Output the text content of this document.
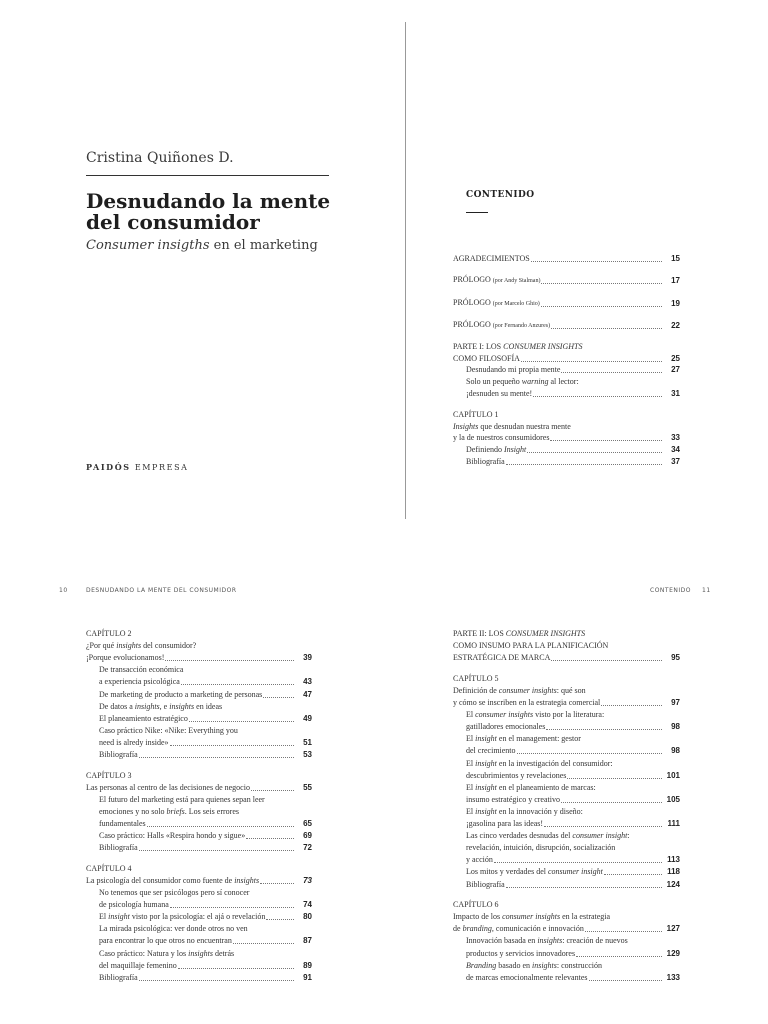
Cristina Quiñones D.
Desnudando la mente
del consumidor
Consumer insigths en el marketing
PAIDÓS EMPRESA
CONTENIDO
AGRADECIMIENTOS	15
PRÓLOGO (por Andy Stalman)	17
PRÓLOGO (por Marcelo Ghio)	19
PRÓLOGO (por Fernando Anzures)	22
PARTE I: LOS CONSUMER INSIGHTS
COMO FILOSOFÍA	25
Desnudando mi propia mente	27
Solo un pequeño warning al lector:
¡desnuden su mente!	31
CAPÍTULO 1
Insights que desnudan nuestra mente
y la de nuestros consumidores	33
Definiendo Insight	34
Bibliografía	37
10	DESNUDANDO LA MENTE DEL CONSUMIDOR	CONTENIDO 11
CAPÍTULO 2
¿Por qué insights del consumidor?
¡Porque evolucionamos!	39
De transacción económica
a experiencia psicológica	43
De marketing de producto a marketing de personas	47
De datos a insights, e insights en ideas
El planeamiento estratégico	49
Caso práctico Nike: «Nike: Everything you
need is alredy inside»	51
Bibliografía	53
CAPÍTULO 3
Las personas al centro de las decisiones de negocio	55
El futuro del marketing está para quienes sepan leer
emociones y no solo briefs. Los seis errores
fundamentales	65
Caso práctico: Halls «Respira hondo y sigue»	69
Bibliografía	72
CAPÍTULO 4
La psicología del consumidor como fuente de insights	73
No tenemos que ser psicólogos pero sí conocer
de psicología humana	74
El insight visto por la psicología: el ajá o revelación	80
La mirada psicológica: ver donde otros no ven
para encontrar lo que otros no encuentran	87
Caso práctico: Natura y los insights detrás
del maquillaje femenino	89
Bibliografía	91
PARTE II: LOS CONSUMER INSIGHTS
COMO INSUMO PARA LA PLANIFICACIÓN
ESTRATÉGICA DE MARCA	95
CAPÍTULO 5
Definición de consumer insights: qué son
y cómo se inscriben en la estrategia comercial	97
El consumer insights visto por la literatura:
gatilladores emocionales	98
El insight en el management: gestor
del crecimiento	98
El insight en la investigación del consumidor:
descubrimientos y revelaciones	101
El insight en el planeamiento de marcas:
insumo estratégico y creativo	105
El insight en la innovación y diseño:
¡gasolina para las ideas!	111
Las cinco verdades desnudas del consumer insight:
revelación, intuición, disrupción, socialización
y acción	113
Los mitos y verdades del consumer insight	118
Bibliografía	124
CAPÍTULO 6
Impacto de los consumer insights en la estrategia
de branding, comunicación e innovación	127
Innovación basada en insights: creación de nuevos
productos y servicios innovadores	129
Branding basado en insights: construcción
de marcas emocionalmente relevantes	133
